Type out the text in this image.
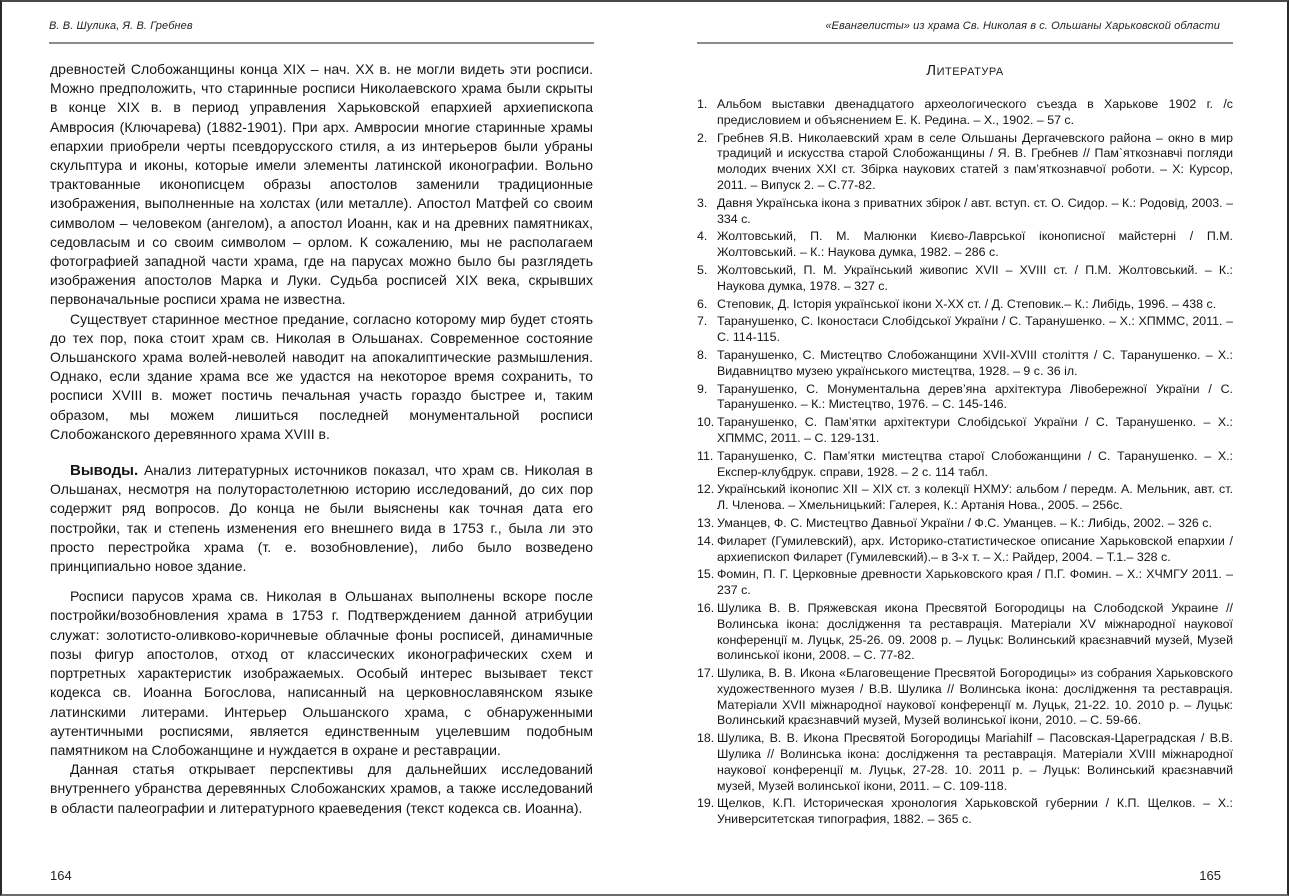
В. В. Шулика, Я. В. Гребнев

древностей Слобожанщины конца XIX – нач. XX в. не могли видеть эти росписи. Можно предположить, что старинные росписи Николаевского храма были скрыты в конце XIX в. в период управления Харьковской епархией архиепископа Амвросия (Ключарева) (1882-1901). При арх. Амвросии многие старинные храмы епархии приобрели черты псевдорусского стиля, а из интерьеров были убраны скульптура и иконы, которые имели элементы латинской иконографии. Вольно трактованные иконописцем образы апостолов заменили традиционные изображения, выполненные на холстах (или металле). Апостол Матфей со своим символом – человеком (ангелом), а апостол Иоанн, как и на древних памятниках, седовласым и со своим символом – орлом. К сожалению, мы не располагаем фотографией западной части храма, где на парусах можно было бы разглядеть изображения апостолов Марка и Луки. Судьба росписей XIX века, скрывших первоначальные росписи храма не известна.

Существует старинное местное предание, согласно которому мир будет стоять до тех пор, пока стоит храм св. Николая в Ольшанах. Современное состояние Ольшанского храма волей-неволей наводит на апокалиптические размышления. Однако, если здание храма все же удастся на некоторое время сохранить, то росписи XVIII в. может постичь печальная участь гораздо быстрее и, таким образом, мы можем лишиться последней монументальной росписи Слобожанского деревянного храма XVIII в.

Выводы. Анализ литературных источников показал, что храм св. Николая в Ольшанах, несмотря на полуторастолетнюю историю исследований, до сих пор содержит ряд вопросов. До конца не были выяснены как точная дата его постройки, так и степень изменения его внешнего вида в 1753 г., была ли это просто перестройка храма (т. е. возобновление), либо было возведено принципиально новое здание.

Росписи парусов храма св. Николая в Ольшанах выполнены вскоре после постройки/возобновления храма в 1753 г. Подтверждением данной атрибуции служат: золотисто-оливково-коричневые облачные фоны росписей, динамичные позы фигур апостолов, отход от классических иконографических схем и портретных характеристик изображаемых. Особый интерес вызывает текст кодекса св. Иоанна Богослова, написанный на церковнославянском языке латинскими литерами. Интерьер Ольшанского храма, с обнаруженными аутентичными росписями, является единственным уцелевшим подобным памятником на Слобожанщине и нуждается в охране и реставрации.

Данная статья открывает перспективы для дальнейших исследований внутреннего убранства деревянных Слобожанских храмов, а также исследований в области палеографии и литературного краеведения (текст кодекса св. Иоанна).

164
«Евангелисты» из храма Св. Николая в с. Ольшаны Харьковской области
Литература
1. Альбом выставки двенадцатого археологического съезда в Харькове 1902 г. /с предисловием и объяснением Е. К. Редина. – Х., 1902. – 57 с.
2. Гребнев Я.В. Николаевский храм в селе Ольшаны Дергачевского района – окно в мир традиций и искусства старой Слобожанщины / Я. В. Гребнев // Пам`яткознавчі погляди молодих вчених XXI ст. Збірка наукових статей з пам’яткознавчої роботи. – Х: Курсор, 2011. – Випуск 2. – С.77-82.
3. Давня Українська ікона з приватних збірок / авт. вступ. ст. О. Сидор. – К.: Родовід, 2003. – 334 с.
4. Жолтовський, П. М. Малюнки Києво-Лаврської іконописної майстерні / П.М. Жолтовський. – К.: Наукова думка, 1982. – 286 с.
5. Жолтовський, П. М. Український живопис XVII – XVIII ст. / П.М. Жолтовський. – К.: Наукова думка, 1978. – 327 с.
6. Степовик, Д. Історія української ікони Х-ХХ ст. / Д. Степовик.– К.: Либідь, 1996. – 438 с.
7. Таранушенко, С. Іконостаси Слобідської України / С. Таранушенко. – Х.: ХПММС, 2011. – С. 114-115.
8. Таранушенко, С. Мистецтво Слобожанщини XVII-XVIII століття / С. Таранушенко. – Х.: Видавництво музею українського мистецтва, 1928. – 9 с. 36 іл.
9. Таранушенко, С. Монументальна дерев’яна архітектура Лівобережної України / С. Таранушенко. – К.: Мистецтво, 1976. – С. 145-146.
10. Таранушенко, С. Пам’ятки архітектури Слобідської України / С. Таранушенко. – Х.: ХПММС, 2011. – С. 129-131.
11. Таранушенко, С. Пам’ятки мистецтва старої Слобожанщини / С. Таранушенко. – Х.: Експер-клубдрук. справи, 1928. – 2 с. 114 табл.
12. Український іконопис XII – XIX ст. з колекції НХМУ: альбом / передм. А. Мельник, авт. ст. Л. Членова. – Хмельницький: Галерея, К.: Артанія Нова., 2005. – 256с.
13. Уманцев, Ф. С. Мистецтво Давньої України / Ф.С. Уманцев. – К.: Либідь, 2002. – 326 с.
14. Филарет (Гумилевский), арх. Историко-статистическое описание Харьковской епархии / архиепископ Филарет (Гумилевский).– в 3-х т. – Х.: Райдер, 2004. – Т.1.– 328 с.
15. Фомин, П. Г. Церковные древности Харьковского края / П.Г. Фомин. – Х.: ХЧМГУ 2011. – 237 с.
16. Шулика В. В. Пряжевская икона Пресвятой Богородицы на Слободской Украине // Волинська ікона: дослідження та реставрація. Матеріали XV міжнародної наукової конференції м. Луцьк, 25-26. 09. 2008 р. – Луцьк: Волинський краєзнавчий музей, Музей волинської ікони, 2008. – С. 77-82.
17. Шулика, В. В. Икона «Благовещение Пресвятой Богородицы» из собрания Харьковского художественного музея / В.В. Шулика // Волинська ікона: дослідження та реставрація. Матеріали XVII міжнародної наукової конференції м. Луцьк, 21-22. 10. 2010 р. – Луцьк: Волинський краєзнавчий музей, Музей волинської ікони, 2010. – С. 59-66.
18. Шулика, В. В. Икона Пресвятой Богородицы Mariahilf – Пасовская-Цареградская / В.В. Шулика // Волинська ікона: дослідження та реставрація. Матеріали XVIII міжнародної наукової конференції м. Луцьк, 27-28. 10. 2011 р. – Луцьк: Волинський краєзнавчий музей, Музей волинської ікони, 2011. – С. 109-118.
19. Щелков, К.П. Историческая хронология Харьковской губернии / К.П. Щелков. – Х.: Университетская типография, 1882. – 365 с.
165
